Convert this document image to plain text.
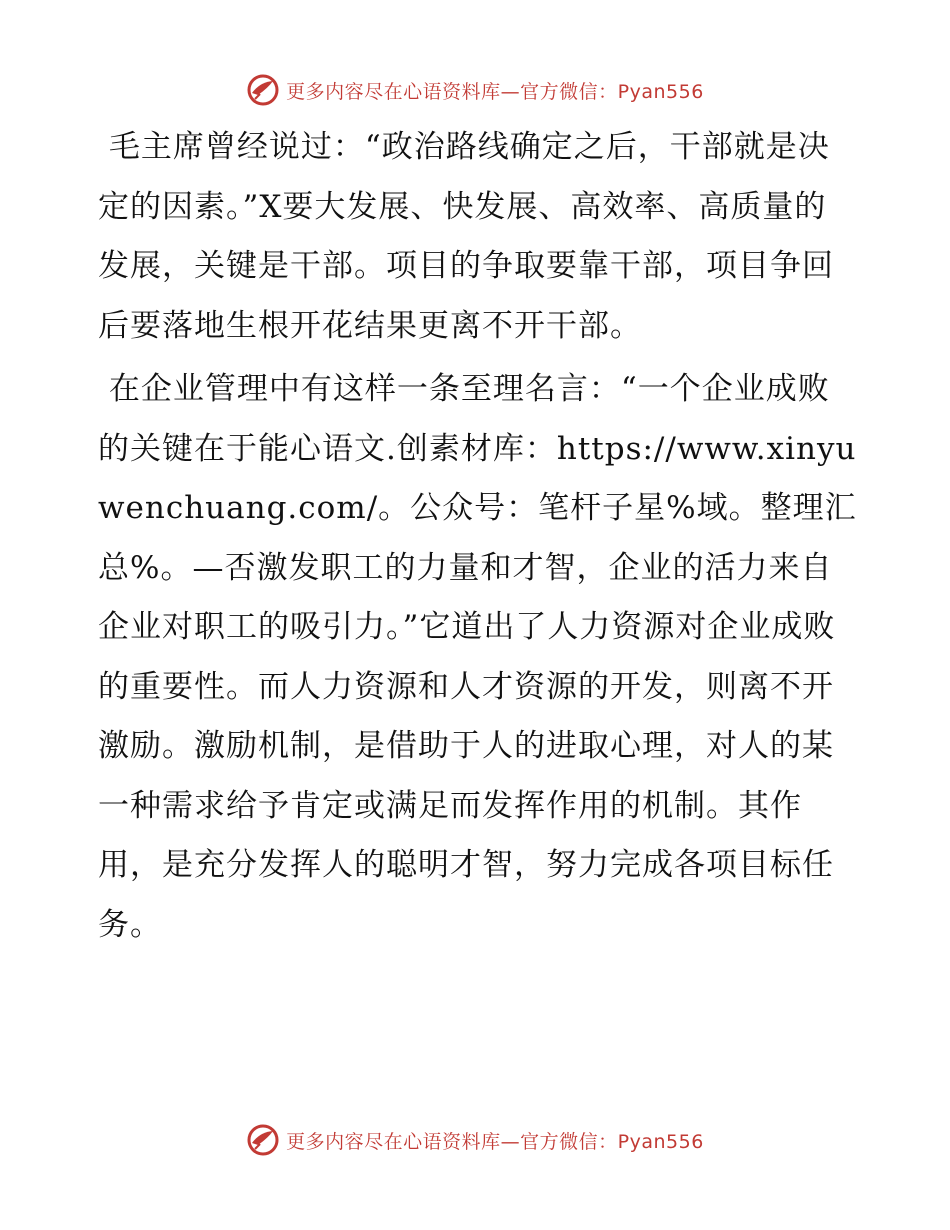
更多内容尽在心语资料库—官方微信：Pyan556

毛主席曾经说过：“政治路线确定之后，干部就是决定的因素。”X要大发展、快发展、高效率、高质量的发展，关键是干部。项目的争取要靠干部，项目争回后要落地生根开花结果更离不开干部。

在企业管理中有这样一条至理名言：“一个企业成败的关键在于能心语文.创素材库：https://www.xinyuwenchuang.com/。公众号：笔杆子星%域。整理汇总%。—否激发职工的力量和才智，企业的活力来自企业对职工的吸引力。”它道出了人力资源对企业成败的重要性。而人力资源和人才资源的开发，则离不开激励。激励机制，是借助于人的进取心理，对人的某一种需求给予肯定或满足而发挥作用的机制。其作用，是充分发挥人的聪明才智，努力完成各项目标任务。

更多内容尽在心语资料库—官方微信：Pyan556
